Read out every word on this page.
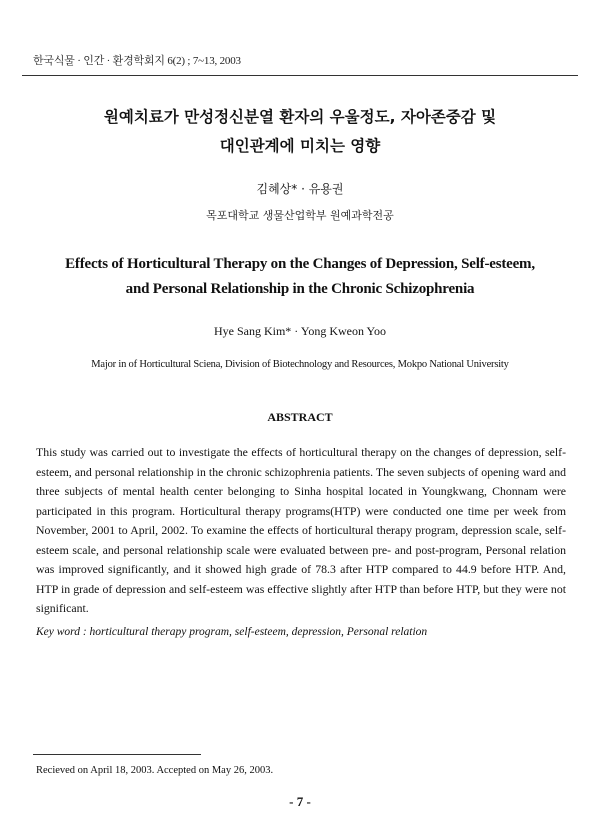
한국식물 · 인간 · 환경학회지 6(2) ; 7~13, 2003
원예치료가 만성정신분열 환자의 우울정도, 자아존중감 및
대인관계에 미치는 영향
김혜상* · 유용권
목포대학교 생물산업학부 원예과학전공
Effects of Horticultural Therapy on the Changes of Depression, Self-esteem,
and Personal Relationship in the Chronic Schizophrenia
Hye Sang Kim* · Yong Kweon Yoo
Major in of Horticultural Sciena, Division of Biotechnology and Resources, Mokpo National University
ABSTRACT

This study was carried out to investigate the effects of horticultural therapy on the changes of depression, self-esteem, and personal relationship in the chronic schizophrenia patients. The seven subjects of opening ward and three subjects of mental health center belonging to Sinha hospital located in Youngkwang, Chonnam were participated in this program. Horticultural therapy programs(HTP) were conducted one time per week from November, 2001 to April, 2002. To examine the effects of horticultural therapy program, depression scale, self-esteem scale, and personal relationship scale were evaluated between pre- and post-program, Personal relation was improved significantly, and it showed high grade of 78.3 after HTP compared to 44.9 before HTP. And, HTP in grade of depression and self-esteem was effective slightly after HTP than before HTP, but they were not significant.

Key word : horticultural therapy program, self-esteem, depression, Personal relation
Recieved on April 18, 2003. Accepted on May 26, 2003.
- 7 -
